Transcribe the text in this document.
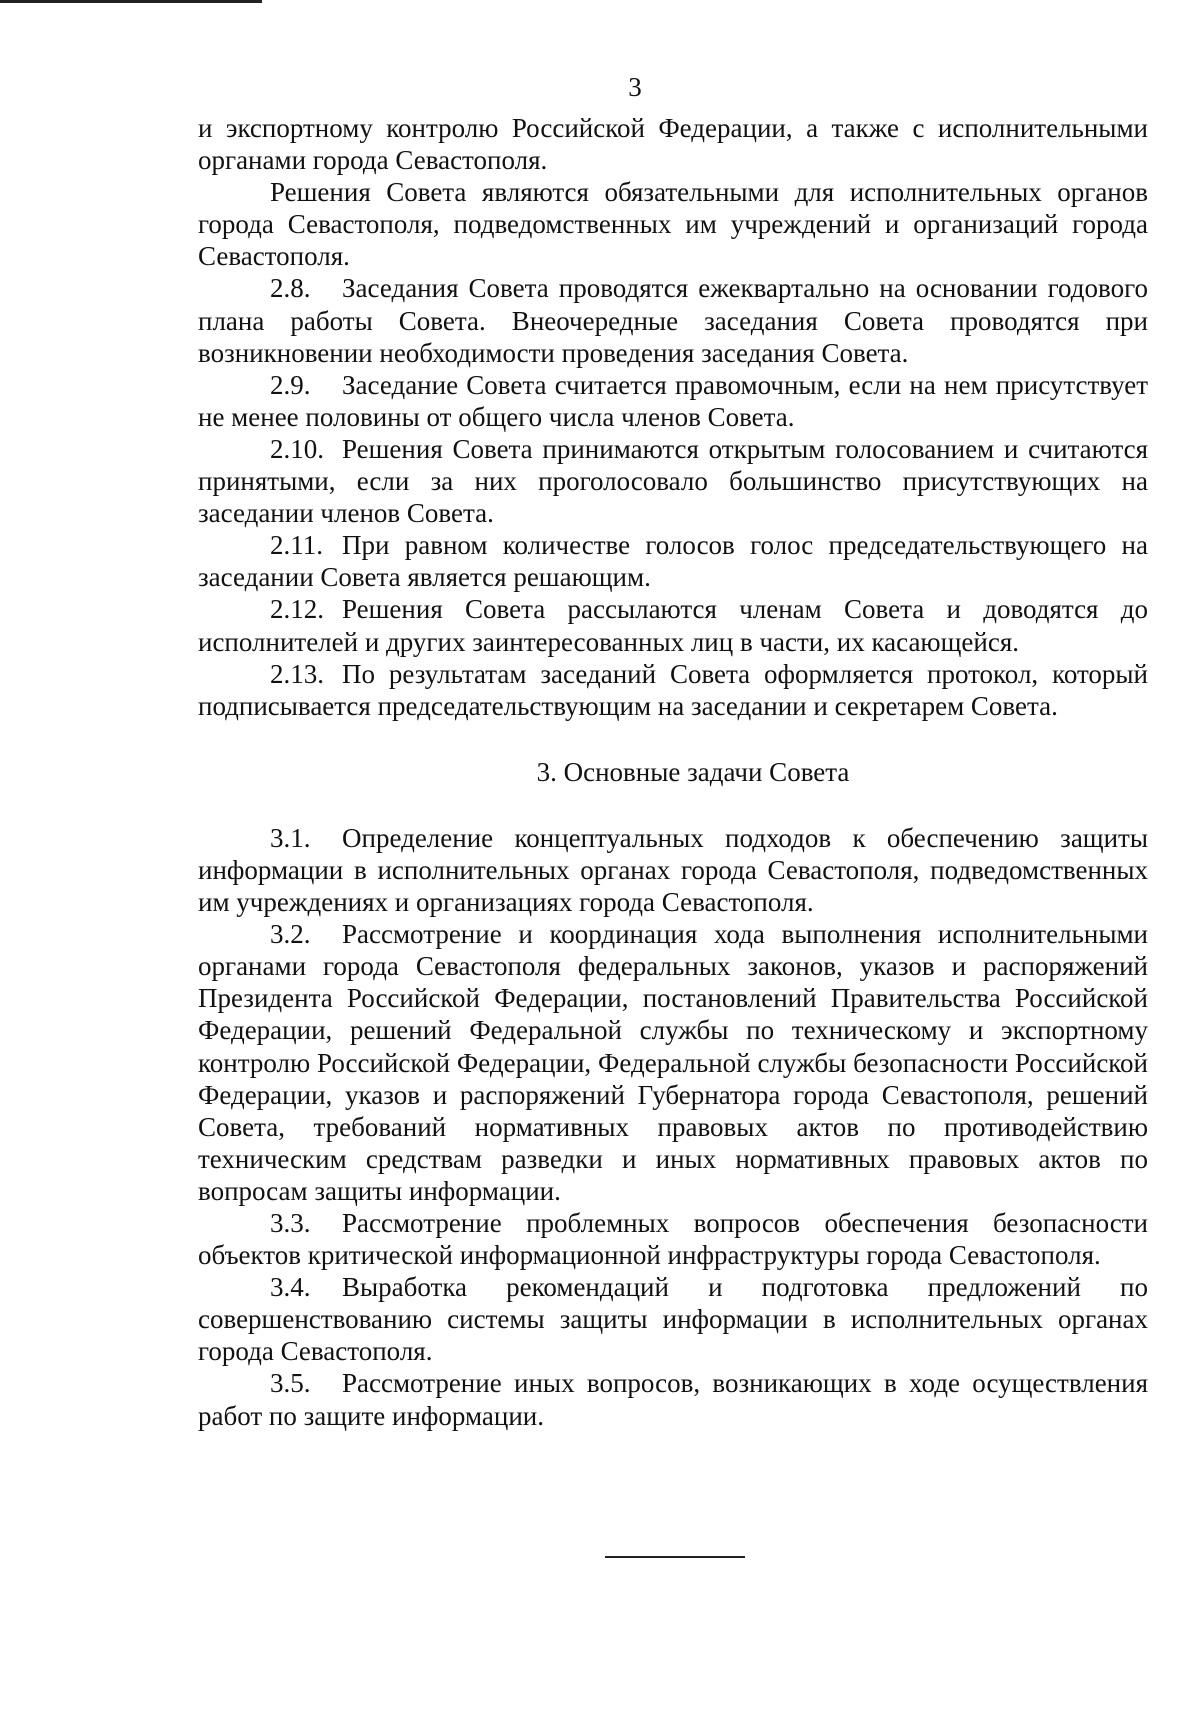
3

и экспортному контролю Российской Федерации, а также с исполнительными органами города Севастополя.

Решения Совета являются обязательными для исполнительных органов города Севастополя, подведомственных им учреждений и организаций города Севастополя.

2.8. Заседания Совета проводятся ежеквартально на основании годового плана работы Совета. Внеочередные заседания Совета проводятся при возникновении необходимости проведения заседания Совета.

2.9. Заседание Совета считается правомочным, если на нем присутствует не менее половины от общего числа членов Совета.

2.10. Решения Совета принимаются открытым голосованием и считаются принятыми, если за них проголосовало большинство присутствующих на заседании членов Совета.

2.11. При равном количестве голосов голос председательствующего на заседании Совета является решающим.

2.12. Решения Совета рассылаются членам Совета и доводятся до исполнителей и других заинтересованных лиц в части, их касающейся.

2.13. По результатам заседаний Совета оформляется протокол, который подписывается председательствующим на заседании и секретарем Совета.

3. Основные задачи Совета

3.1. Определение концептуальных подходов к обеспечению защиты информации в исполнительных органах города Севастополя, подведомственных им учреждениях и организациях города Севастополя.

3.2. Рассмотрение и координация хода выполнения исполнительными органами города Севастополя федеральных законов, указов и распоряжений Президента Российской Федерации, постановлений Правительства Российской Федерации, решений Федеральной службы по техническому и экспортному контролю Российской Федерации, Федеральной службы безопасности Российской Федерации, указов и распоряжений Губернатора города Севастополя, решений Совета, требований нормативных правовых актов по противодействию техническим средствам разведки и иных нормативных правовых актов по вопросам защиты информации.

3.3. Рассмотрение проблемных вопросов обеспечения безопасности объектов критической информационной инфраструктуры города Севастополя.

3.4. Выработка рекомендаций и подготовка предложений по совершенствованию системы защиты информации в исполнительных органах города Севастополя.

3.5. Рассмотрение иных вопросов, возникающих в ходе осуществления работ по защите информации.
